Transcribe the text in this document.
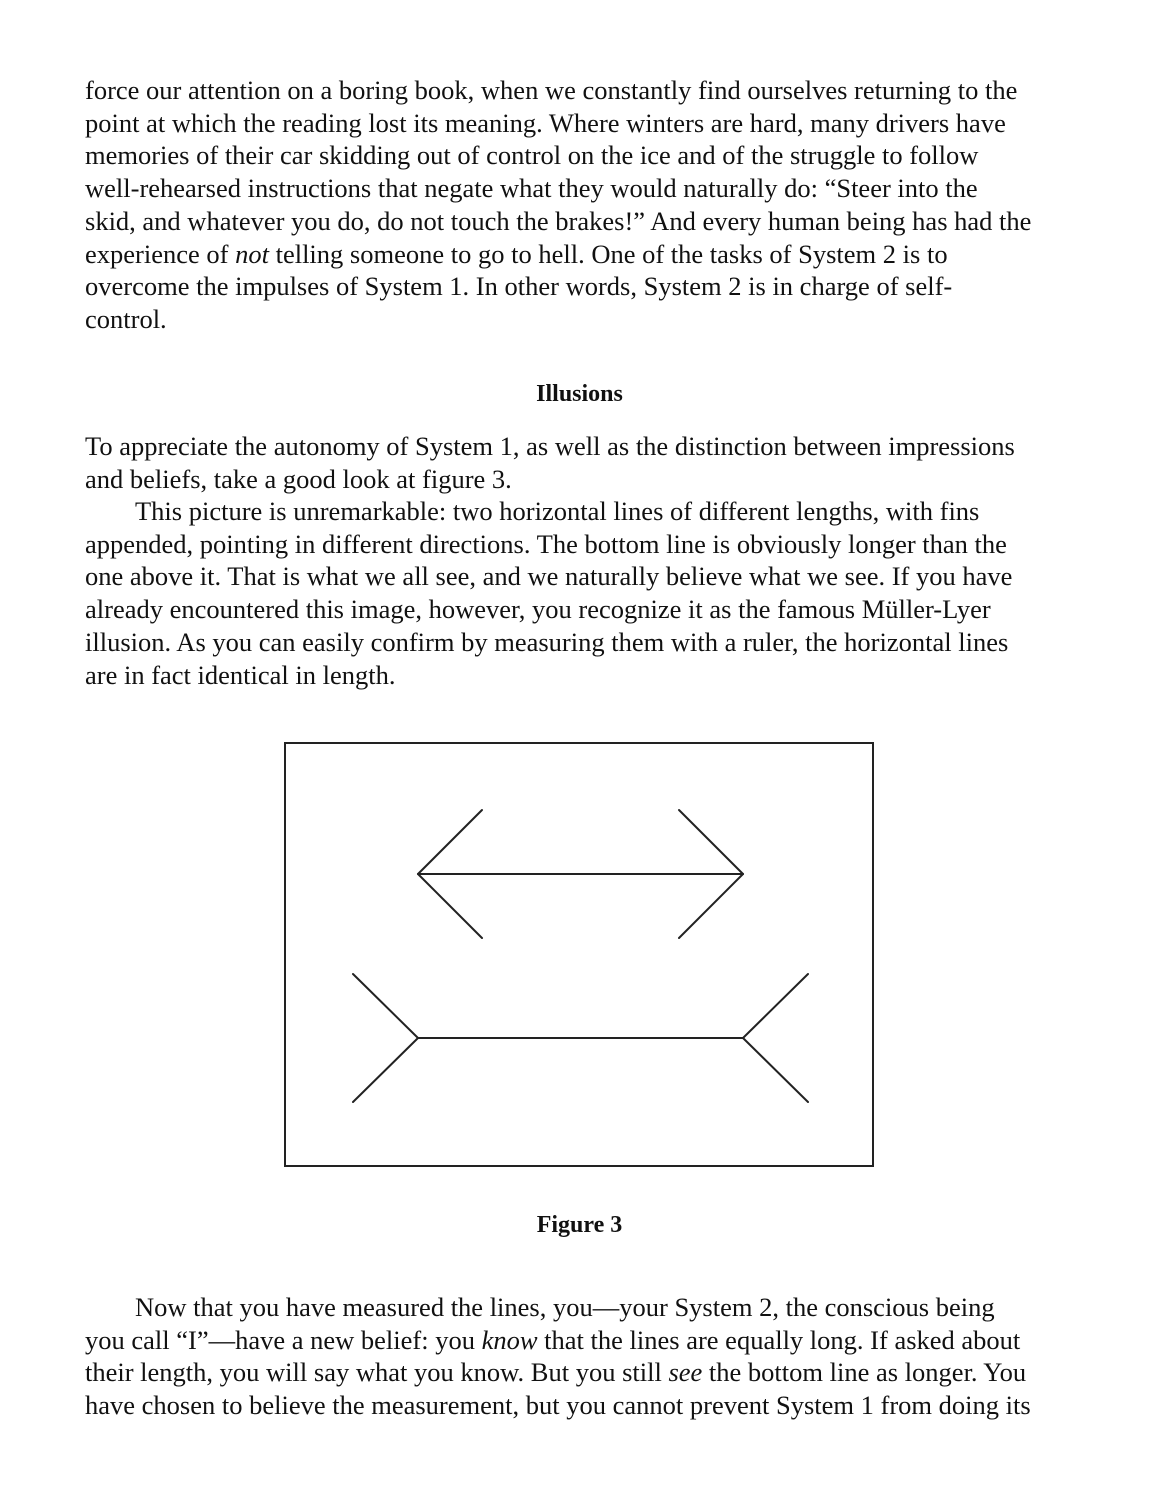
force our attention on a boring book, when we constantly find ourselves returning to the
point at which the reading lost its meaning. Where winters are hard, many drivers have
memories of their car skidding out of control on the ice and of the struggle to follow
well-rehearsed instructions that negate what they would naturally do: “Steer into the
skid, and whatever you do, do not touch the brakes!” And every human being has had the
experience of not telling someone to go to hell. One of the tasks of System 2 is to
overcome the impulses of System 1. In other words, System 2 is in charge of self-
control.
Illusions
To appreciate the autonomy of System 1, as well as the distinction between impressions
and beliefs, take a good look at figure 3.
This picture is unremarkable: two horizontal lines of different lengths, with fins
appended, pointing in different directions. The bottom line is obviously longer than the
one above it. That is what we all see, and we naturally believe what we see. If you have
already encountered this image, however, you recognize it as the famous Müller-Lyer
illusion. As you can easily confirm by measuring them with a ruler, the horizontal lines
are in fact identical in length.
Figure 3
Now that you have measured the lines, you—your System 2, the conscious being
you call “I”—have a new belief: you know that the lines are equally long. If asked about
their length, you will say what you know. But you still see the bottom line as longer. You
have chosen to believe the measurement, but you cannot prevent System 1 from doing its
